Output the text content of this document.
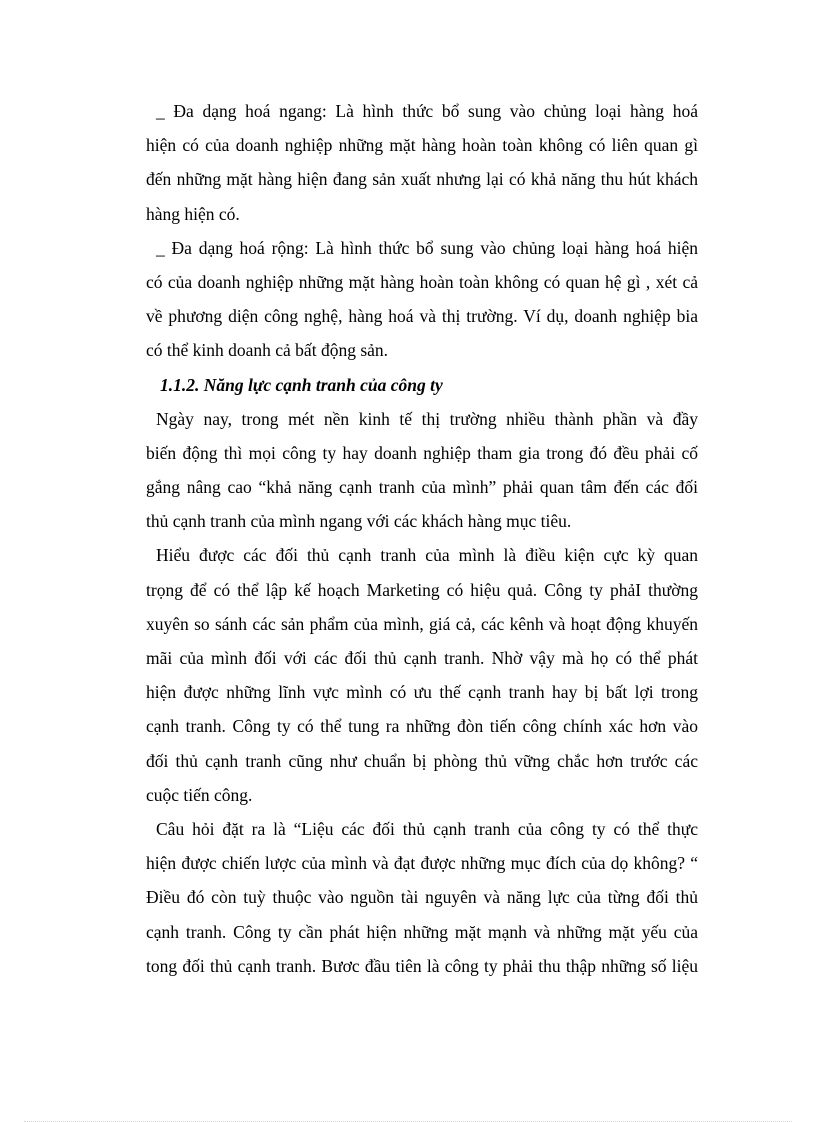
_ Đa dạng hoá ngang: Là hình thức bổ sung vào chủng loại hàng hoá
hiện có của doanh nghiệp những mặt hàng hoàn toàn không có liên quan gì
đến những mặt hàng hiện đang sản xuất nhưng lại có khả năng thu hút khách
hàng hiện có.
_ Đa dạng hoá rộng: Là hình thức bổ sung vào chủng loại hàng hoá hiện
có của doanh nghiệp những mặt hàng hoàn toàn không có quan hệ gì , xét cả
về phương diện công nghệ, hàng hoá và thị trường. Ví dụ, doanh nghiệp bia
có thể kinh doanh cả bất động sản.
1.1.2. Năng lực cạnh tranh của công ty
Ngày nay, trong mét nền kinh tế thị trường nhiều thành phần và đầy
biến động thì mọi công ty hay doanh nghiệp tham gia trong đó đều phải cố
gắng nâng cao “khả năng cạnh tranh của mình” phải quan tâm đến các đối
thủ cạnh tranh của mình ngang với các khách hàng mục tiêu.
Hiểu được các đối thủ cạnh tranh của mình là điều kiện cực kỳ quan
trọng để có thể lập kế hoạch Marketing có hiệu quả. Công ty phảI thường
xuyên so sánh các sản phẩm của mình, giá cả, các kênh và hoạt động khuyến
mãi của mình đối với các đối thủ cạnh tranh. Nhờ vậy mà họ có thể phát
hiện được những lĩnh vực mình có ưu thế cạnh tranh hay bị bất lợi trong
cạnh tranh. Công ty có thể tung ra những đòn tiến công chính xác hơn vào
đối thủ cạnh tranh cũng như chuẩn bị phòng thủ vững chắc hơn trước các
cuộc tiến công.
Câu hỏi đặt ra là “Liệu các đối thủ cạnh tranh của công ty có thể thực
hiện được chiến lược của mình và đạt được những mục đích của dọ không? “
Điều đó còn tuỳ thuộc vào nguồn tài nguyên và năng lực của từng đối thủ
cạnh tranh. Công ty cần phát hiện những mặt mạnh và những mặt yếu của
tong đối thủ cạnh tranh. Bươc đầu tiên là công ty phải thu thập những số liệu
